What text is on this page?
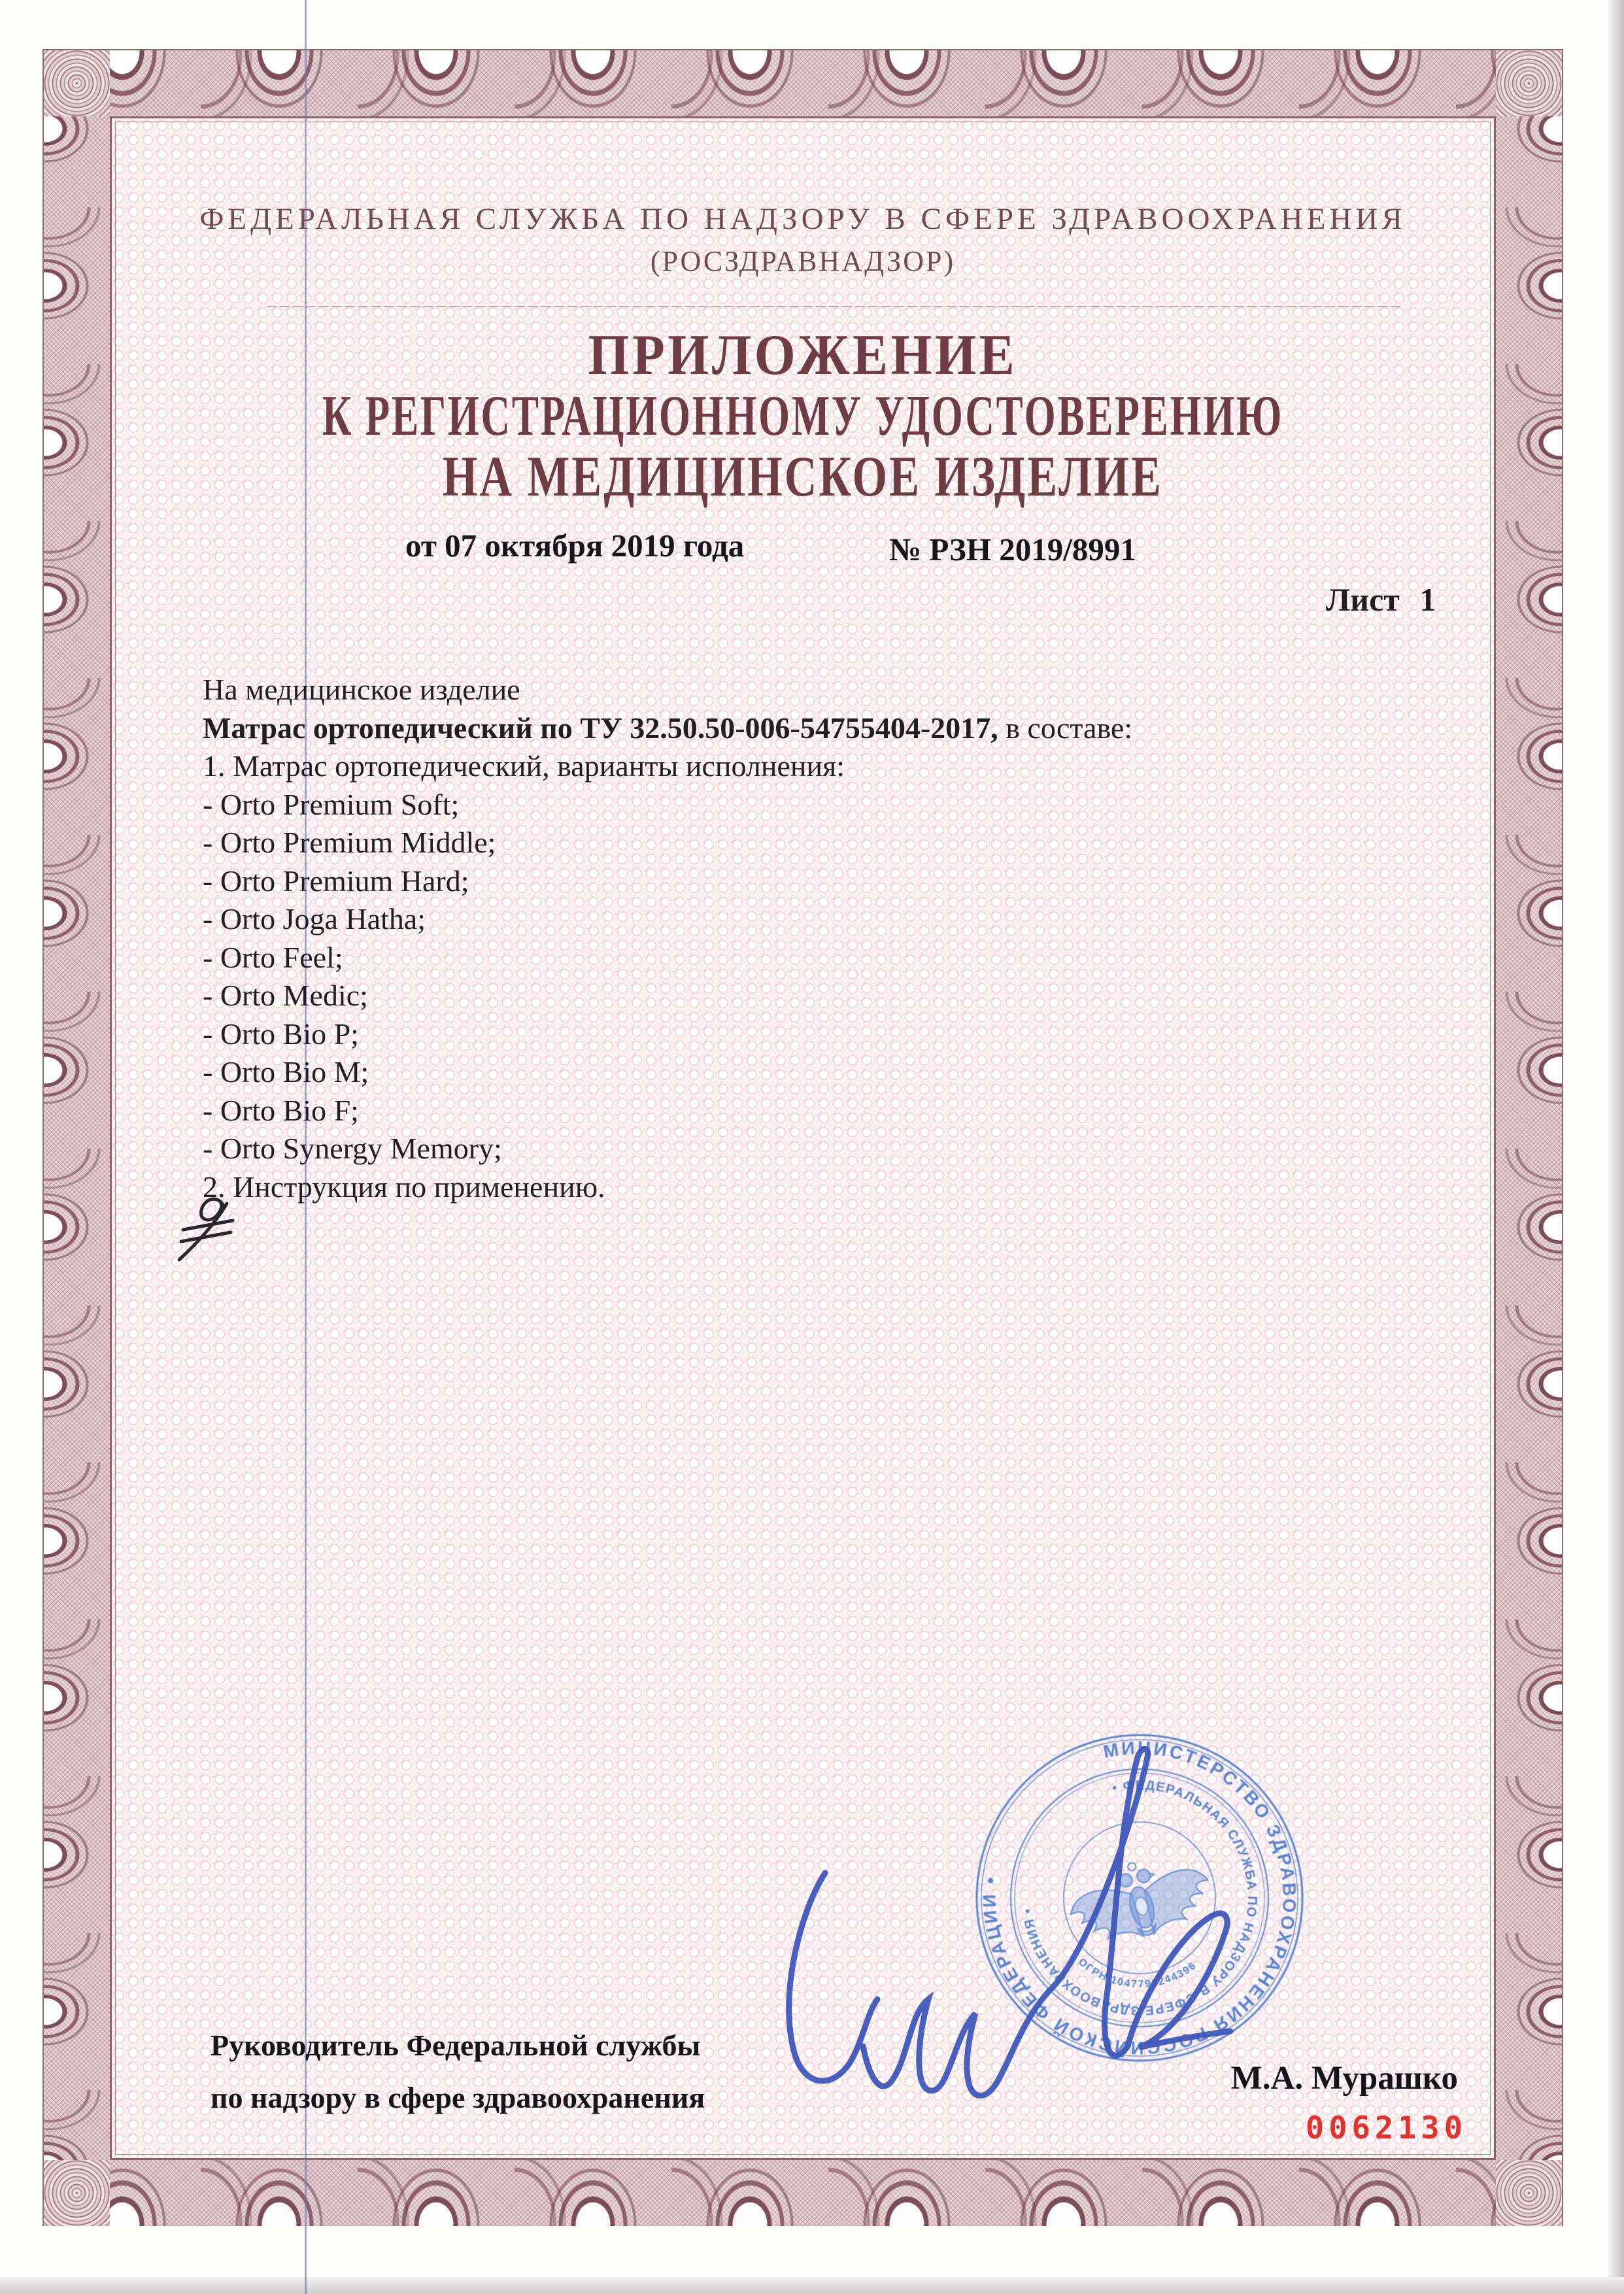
ФЕДЕРАЛЬНАЯ СЛУЖБА ПО НАДЗОРУ В СФЕРЕ ЗДРАВООХРАНЕНИЯ
(РОСЗДРАВНАДЗОР)
ПРИЛОЖЕНИЕ
К РЕГИСТРАЦИОННОМУ УДОСТОВЕРЕНИЮ
НА МЕДИЦИНСКОЕ ИЗДЕЛИЕ
от 07 октября 2019 года	№ РЗН 2019/8991
Лист 1
На медицинское изделие
Матрас ортопедический по ТУ 32.50.50-006-54755404-2017, в составе:
1. Матрас ортопедический, варианты исполнения:
- Orto Premium Soft;
- Orto Premium Middle;
- Orto Premium Hard;
- Orto Joga Hatha;
- Orto Feel;
- Orto Medic;
- Orto Bio P;
- Orto Bio M;
- Orto Bio F;
- Orto Synergy Memory;
2. Инструкция по применению.
МИНИСТЕРСТВО ЗДРАВООХРАНЕНИЯ РОССИЙСКОЙ ФЕДЕРАЦИИ •
• ФЕДЕРАЛЬНАЯ СЛУЖБА ПО НАДЗОРУ В СФЕРЕ ЗДРАВООХРАНЕНИЯ •
ОГРН 1047796244396
Руководитель Федеральной службы
по надзору в сфере здравоохранения
М.А. Мурашко
0062130
